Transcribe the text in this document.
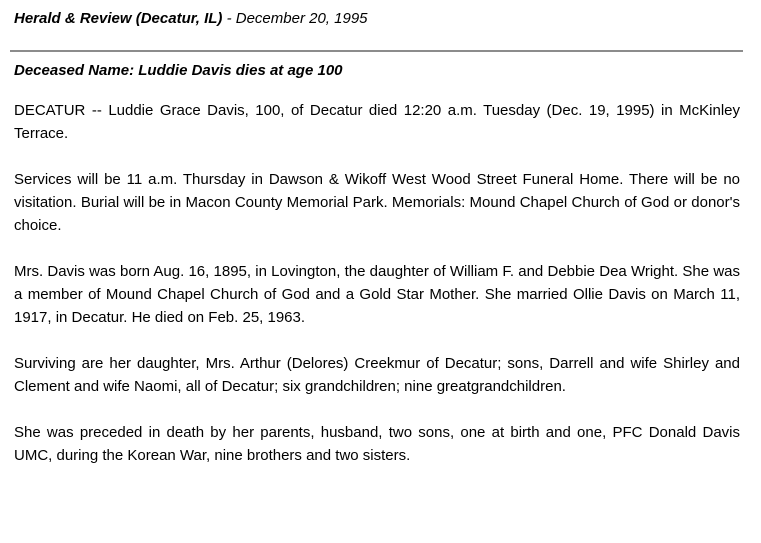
Herald & Review (Decatur, IL) - December 20, 1995
Deceased Name: Luddie Davis dies at age 100

DECATUR -- Luddie Grace Davis, 100, of Decatur died 12:20 a.m. Tuesday (Dec. 19, 1995) in McKinley Terrace.

Services will be 11 a.m. Thursday in Dawson & Wikoff West Wood Street Funeral Home. There will be no visitation. Burial will be in Macon County Memorial Park. Memorials: Mound Chapel Church of God or donor's choice.

Mrs. Davis was born Aug. 16, 1895, in Lovington, the daughter of William F. and Debbie Dea Wright. She was a member of Mound Chapel Church of God and a Gold Star Mother. She married Ollie Davis on March 11, 1917, in Decatur. He died on Feb. 25, 1963.

Surviving are her daughter, Mrs. Arthur (Delores) Creekmur of Decatur; sons, Darrell and wife Shirley and Clement and wife Naomi, all of Decatur; six grandchildren; nine greatgrandchildren.

She was preceded in death by her parents, husband, two sons, one at birth and one, PFC Donald Davis UMC, during the Korean War, nine brothers and two sisters.
